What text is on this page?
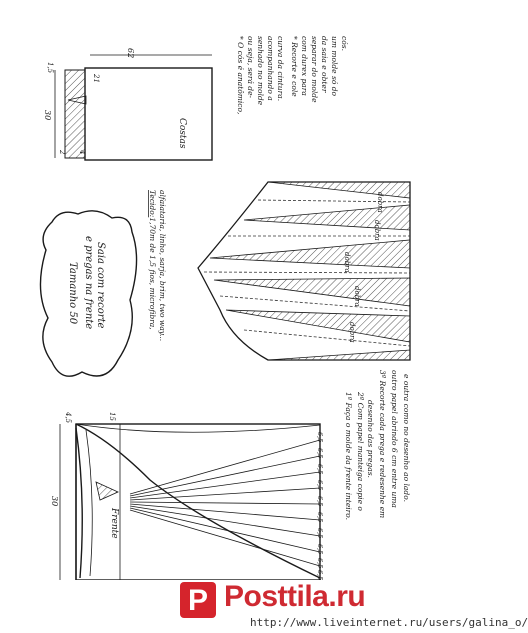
Costas
30
62
21
1,5
2 4
* O cós é anatômico, ou seja, será de- senhado no molde acompanhando a curva da cintura. * Recorte e cole com durex para separar do molde da saia e obter um molde só do cós.
Saia com recorte
e pregas na frente
Tamanho 50
Tecido:1,70m de 1,5 fios, microfibra, alfaiataria, linho, sarja, brim, two way...	dobra
dobra
dobra
dobra
dobra
Frente
30
15
4,5
6,5
6,5
6,5
6,5
6,5
6,5
6,5
6,5
6,5
6,5
1º Faça o molde da frente inteiro. 2º Com papel manteiga copie o desenho das pregas. 3º Recorte cada prega e redesenhe em outro papel abrindo 6 cm entre uma e outra como no desenho ao lado.
P Posttila.ru
http://www.liveinternet.ru/users/galina_o/
